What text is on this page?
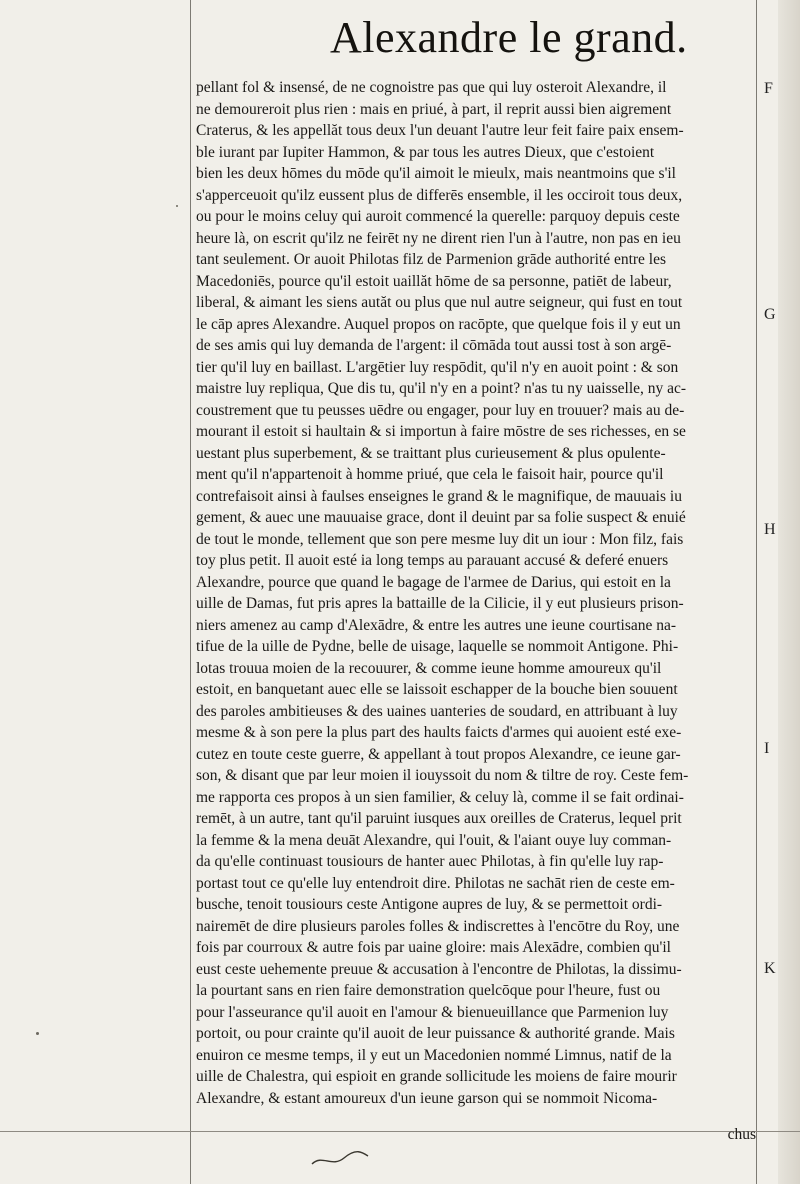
Alexandre le grand.
pellant fol & insensé, de ne cognoistre pas que qui luy osteroit Alexandre, il
ne demoureroit plus rien : mais en priué, à part, il reprit aussi bien aigrement
Craterus, & les appellăt tous deux l'un deuant l'autre leur feit faire paix ensem-
ble iurant par Iupiter Hammon, & par tous les autres Dieux, que c'estoient
bien les deux hōmes du mōde qu'il aimoit le mieulx, mais neantmoins que s'il
s'apperceuoit qu'ilz eussent plus de differēs ensemble, il les occiroit tous deux,
ou pour le moins celuy qui auroit commencé la querelle: parquoy depuis ceste
heure là, on escrit qu'ilz ne feirēt ny ne dirent rien l'un à l'autre, non pas en ieu
tant seulement. Or auoit Philotas filz de Parmenion grāde authorité entre les
Macedoniēs, pource qu'il estoit uaillăt hōme de sa personne, patiēt de labeur,
liberal, & aimant les siens autăt ou plus que nul autre seigneur, qui fust en tout
le cāp apres Alexandre. Auquel propos on racōpte, que quelque fois il y eut un
de ses amis qui luy demanda de l'argent: il cōmāda tout aussi tost à son argē-
tier qu'il luy en baillast. L'argētier luy respōdit, qu'il n'y en auoit point : & son
maistre luy repliqua, Que dis tu, qu'il n'y en a point? n'as tu ny uaisselle, ny ac-
coustrement que tu peusses uēdre ou engager, pour luy en trouuer? mais au de-
mourant il estoit si haultain & si importun à faire mōstre de ses richesses, en se
uestant plus superbement, & se traittant plus curieusement & plus opulente-
ment qu'il n'appartenoit à homme priué, que cela le faisoit hair, pource qu'il
contrefaisoit ainsi à faulses enseignes le grand & le magnifique, de mauuais iu
gement, & auec une mauuaise grace, dont il deuint par sa folie suspect & enuié
de tout le monde, tellement que son pere mesme luy dit un iour : Mon filz, fais
toy plus petit. Il auoit esté ia long temps au parauant accusé & deferé enuers
Alexandre, pource que quand le bagage de l'armee de Darius, qui estoit en la
uille de Damas, fut pris apres la battaille de la Cilicie, il y eut plusieurs prison-
niers amenez au camp d'Alexādre, & entre les autres une ieune courtisane na-
tifue de la uille de Pydne, belle de uisage, laquelle se nommoit Antigone. Phi-
lotas trouua moien de la recouurer, & comme ieune homme amoureux qu'il
estoit, en banquetant auec elle se laissoit eschapper de la bouche bien souuent
des paroles ambitieuses & des uaines uanteries de soudard, en attribuant à luy
mesme & à son pere la plus part des haults faicts d'armes qui auoient esté exe-
cutez en toute ceste guerre, & appellant à tout propos Alexandre, ce ieune gar-
son, & disant que par leur moien il iouyssoit du nom & tiltre de roy. Ceste fem-
me rapporta ces propos à un sien familier, & celuy là, comme il se fait ordinai-
remēt, à un autre, tant qu'il paruint iusques aux oreilles de Craterus, lequel prit
la femme & la mena deuāt Alexandre, qui l'ouit, & l'aiant ouye luy comman-
da qu'elle continuast tousiours de hanter auec Philotas, à fin qu'elle luy rap-
portast tout ce qu'elle luy entendroit dire. Philotas ne sachāt rien de ceste em-
busche, tenoit tousiours ceste Antigone aupres de luy, & se permettoit ordi-
nairemēt de dire plusieurs paroles folles & indiscrettes à l'encōtre du Roy, une
fois par courroux & autre fois par uaine gloire: mais Alexādre, combien qu'il
eust ceste uehemente preuue & accusation à l'encontre de Philotas, la dissimu-
la pourtant sans en rien faire demonstration quelcōque pour l'heure, fust ou
pour l'asseurance qu'il auoit en l'amour & bienueuillance que Parmenion luy
portoit, ou pour crainte qu'il auoit de leur puissance & authorité grande. Mais
enuiron ce mesme temps, il y eut un Macedonien nommé Limnus, natif de la
uille de Chalestra, qui espioit en grande sollicitude les moiens de faire mourir
Alexandre, & estant amoureux d'un ieune garson qui se nommoit Nicoma-
F
G
H
I
K
chus
